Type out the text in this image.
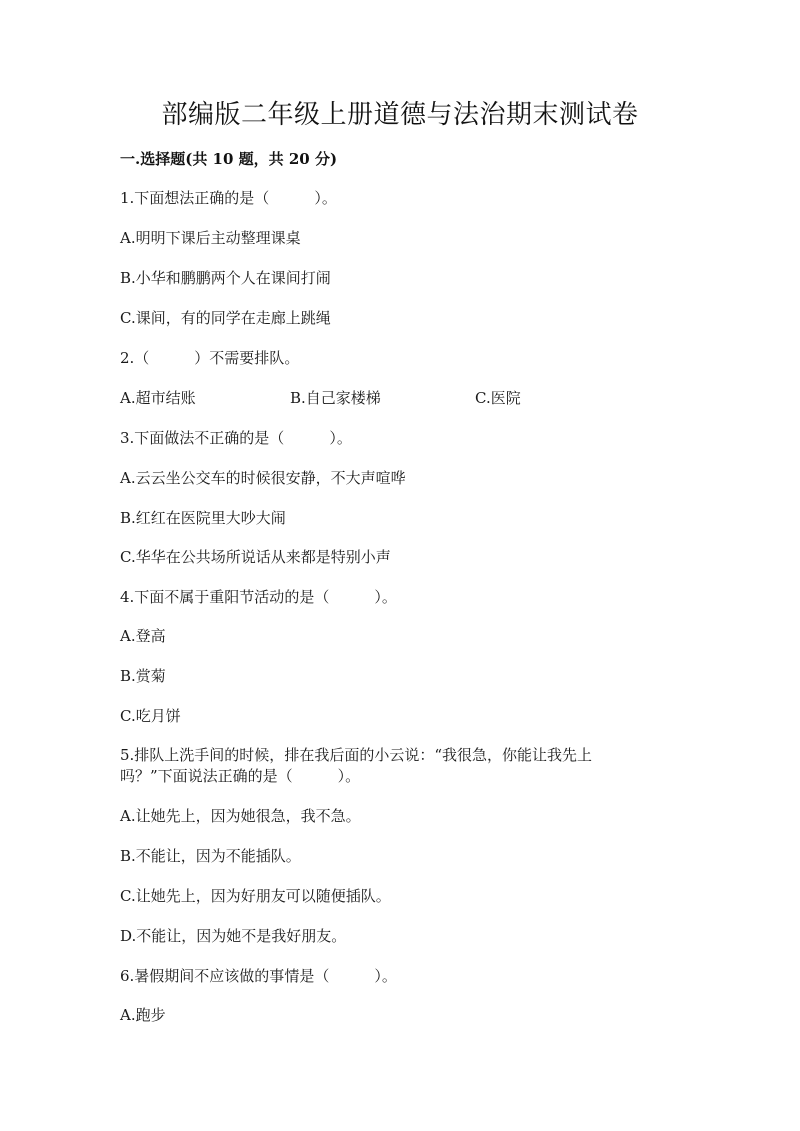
部编版二年级上册道德与法治期末测试卷
一.选择题(共 10 题，共 20 分)
1.下面想法正确的是（　　　）。
A.明明下课后主动整理课桌
B.小华和鹏鹏两个人在课间打闹
C.课间，有的同学在走廊上跳绳
2.（　　　）不需要排队。
A.超市结账	B.自己家楼梯	C.医院
3.下面做法不正确的是（　　　）。
A.云云坐公交车的时候很安静，不大声喧哗
B.红红在医院里大吵大闹
C.华华在公共场所说话从来都是特别小声
4.下面不属于重阳节活动的是（　　　）。
A.登高
B.赏菊
C.吃月饼
5.排队上洗手间的时候，排在我后面的小云说：“我很急，你能让我先上
吗？”下面说法正确的是（　　　）。
A.让她先上，因为她很急，我不急。
B.不能让，因为不能插队。
C.让她先上，因为好朋友可以随便插队。
D.不能让，因为她不是我好朋友。
6.暑假期间不应该做的事情是（　　　）。
A.跑步
